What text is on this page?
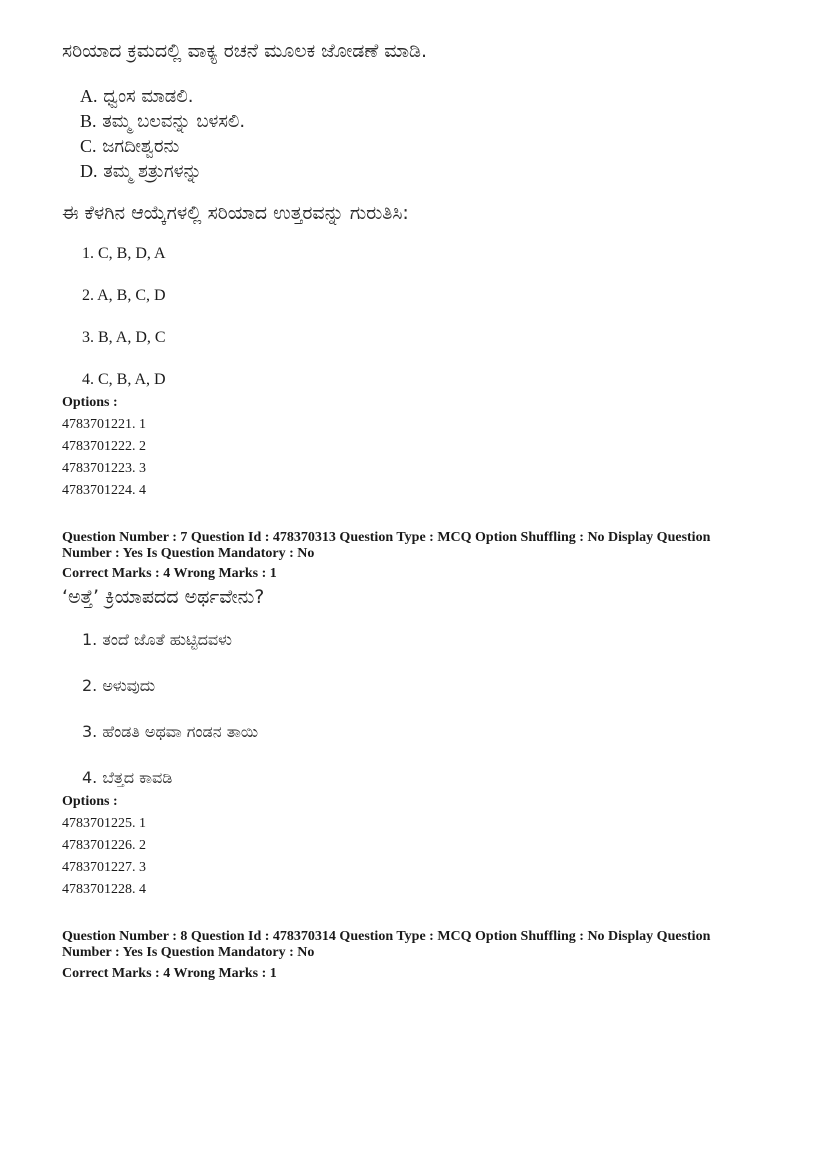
ಸರಿಯಾದ ಕ್ರಮದಲ್ಲಿ ವಾಕ್ಯ ರಚನೆ ಮೂಲಕ ಜೋಡಣೆ ಮಾಡಿ.
A. ಧ್ವಂಸ ಮಾಡಲಿ.
B. ತಮ್ಮ ಬಲವನ್ನು ಬಳಸಲಿ.
C. ಜಗದೀಶ್ವರನು
D. ತಮ್ಮ ಶತ್ರುಗಳನ್ನು
ಈ ಕೆಳಗಿನ ಆಯ್ಕೆಗಳಲ್ಲಿ ಸರಿಯಾದ ಉತ್ತರವನ್ನು ಗುರುತಿಸಿ:
1. C, B, D, A
2. A, B, C, D
3. B, A, D, C
4. C, B, A, D
Options :
4783701221. 1
4783701222. 2
4783701223. 3
4783701224. 4
Question Number : 7 Question Id : 478370313 Question Type : MCQ Option Shuffling : No Display Question
Number : Yes Is Question Mandatory : No
Correct Marks : 4 Wrong Marks : 1
‘ಅತ್ತೆ’ ಕ್ರಿಯಾಪದದ ಅರ್ಥವೇನು?
1. ತಂದೆ ಜೊತೆ ಹುಟ್ಟಿದವಳು
2. ಅಳುವುದು
3. ಹೆಂಡತಿ ಅಥವಾ ಗಂಡನ ತಾಯಿ
4. ಬೆತ್ತದ ಕಾವಡಿ
Options :
4783701225. 1
4783701226. 2
4783701227. 3
4783701228. 4
Question Number : 8 Question Id : 478370314 Question Type : MCQ Option Shuffling : No Display Question
Number : Yes Is Question Mandatory : No
Correct Marks : 4 Wrong Marks : 1
